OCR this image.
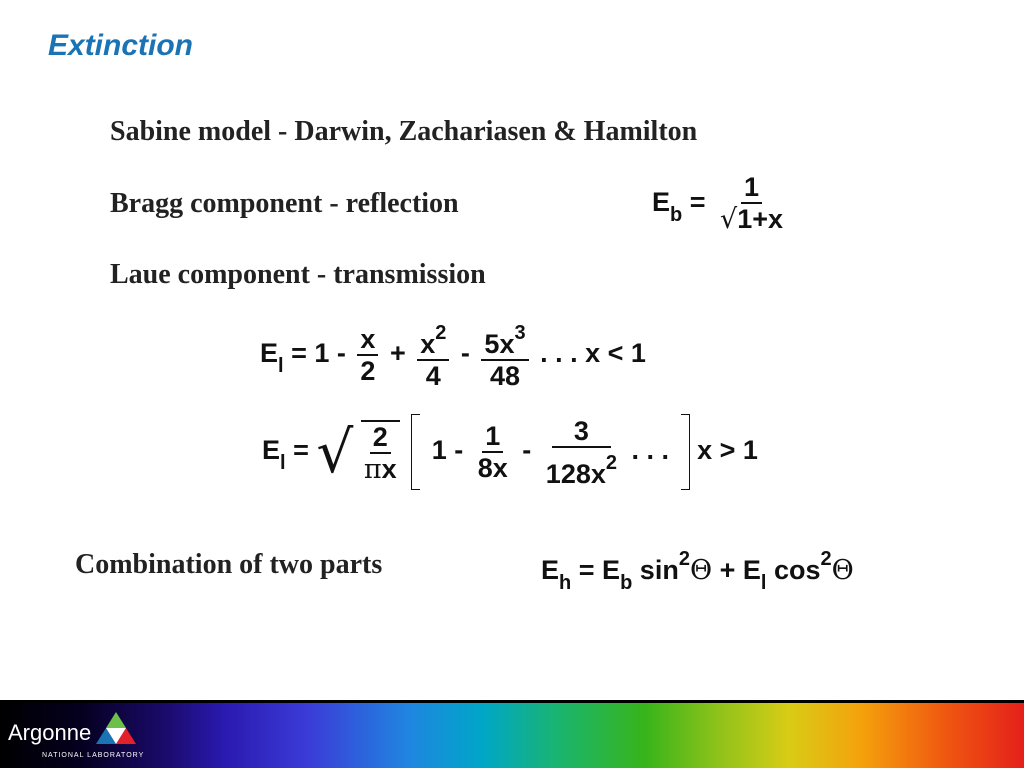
Extinction
Sabine model - Darwin, Zachariasen & Hamilton
Bragg component - reflection
Laue component - transmission
Combination of two parts
$E_b = \frac{1}{√1+x}$
$E_l = 1 - \frac{x}{2} + \frac{x^2}{4} - \frac{5x^3}{48}$ . . . x < 1
$E_l$ = √ $\frac{2}{\pi x} 1 - \frac{1}{8x} - \frac{3}{128x^2}$ . . . x > 1
$E_h = E_b$ $\sin^2\Theta + E_l$ $\cos^2\Theta$
Argonne
NATIONAL LABORATORY
